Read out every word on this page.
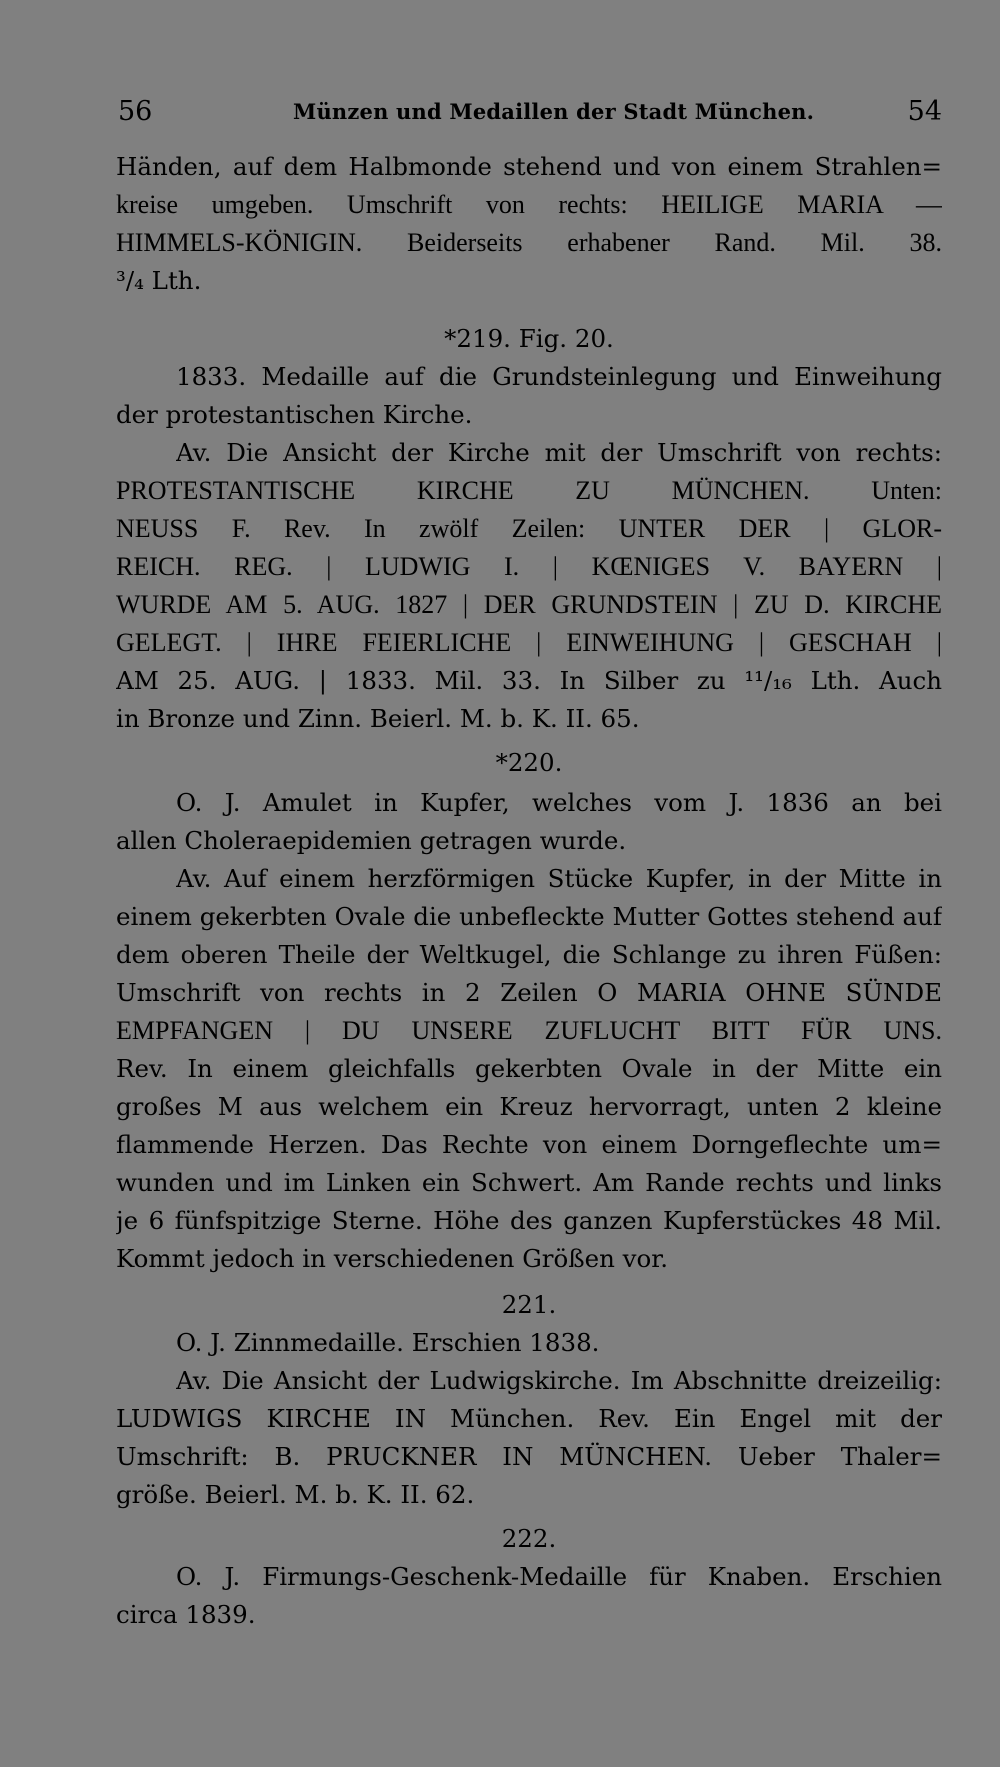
56	Münzen und Medaillen der Stadt München.	54
Händen, auf dem Halbmonde stehend und von einem Strahlen=
kreise umgeben. Umschrift von rechts: HEILIGE MARIA —
HIMMELS-KÖNIGIN. Beiderseits erhabener Rand. Mil. 38.
³/₄ Lth.
*219. Fig. 20.
1833. Medaille auf die Grundsteinlegung und Einweihung
der protestantischen Kirche.
Av. Die Ansicht der Kirche mit der Umschrift von rechts:
PROTESTANTISCHE KIRCHE ZU MÜNCHEN. Unten:
NEUSS F. Rev. In zwölf Zeilen: UNTER DER | GLOR-
REICH. REG. | LUDWIG I. | KŒNIGES V. BAYERN |
WURDE AM 5. AUG. 1827 | DER GRUNDSTEIN | ZU D. KIRCHE
GELEGT. | IHRE FEIERLICHE | EINWEIHUNG | GESCHAH |
AM 25. AUG. | 1833. Mil. 33. In Silber zu ¹¹/₁₆ Lth. Auch
in Bronze und Zinn. Beierl. M. b. K. II. 65.
*220.
O. J. Amulet in Kupfer, welches vom J. 1836 an bei
allen Choleraepidemien getragen wurde.
Av. Auf einem herzförmigen Stücke Kupfer, in der Mitte in
einem gekerbten Ovale die unbefleckte Mutter Gottes stehend auf
dem oberen Theile der Weltkugel, die Schlange zu ihren Füßen:
Umschrift von rechts in 2 Zeilen O MARIA OHNE SÜNDE
EMPFANGEN | DU UNSERE ZUFLUCHT BITT FÜR UNS.
Rev. In einem gleichfalls gekerbten Ovale in der Mitte ein
großes M aus welchem ein Kreuz hervorragt, unten 2 kleine
flammende Herzen. Das Rechte von einem Dorngeflechte um=
wunden und im Linken ein Schwert. Am Rande rechts und links
je 6 fünfspitzige Sterne. Höhe des ganzen Kupferstückes 48 Mil.
Kommt jedoch in verschiedenen Größen vor.
221.
O. J. Zinnmedaille. Erschien 1838.
Av. Die Ansicht der Ludwigskirche. Im Abschnitte dreizeilig:
LUDWIGS KIRCHE IN München. Rev. Ein Engel mit der
Umschrift: B. PRUCKNER IN MÜNCHEN. Ueber Thaler=
größe. Beierl. M. b. K. II. 62.
222.
O. J. Firmungs-Geschenk-Medaille für Knaben. Erschien
circa 1839.
